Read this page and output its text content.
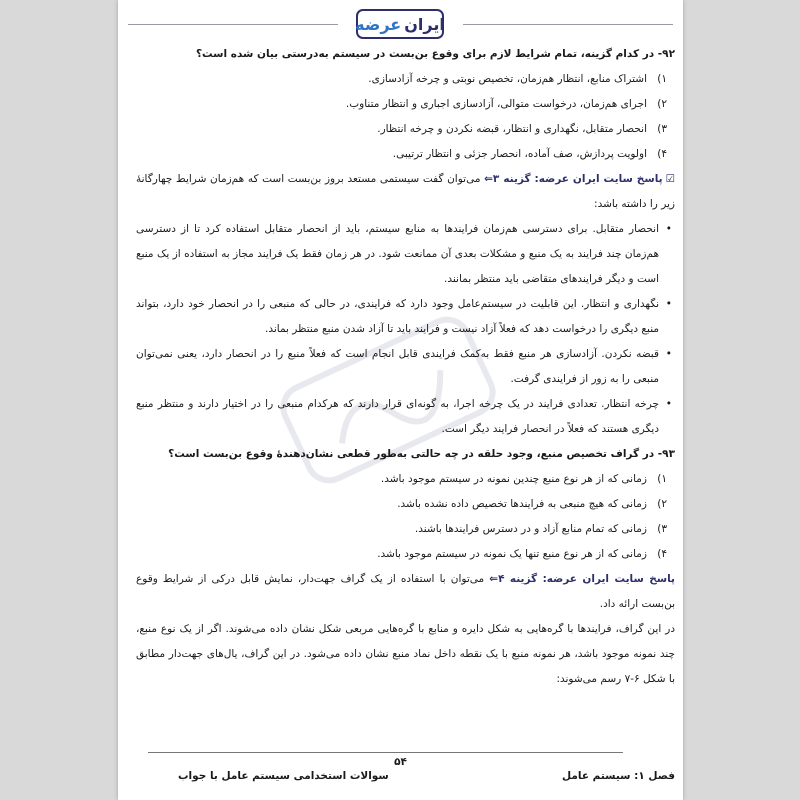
ایران
عرضه

۹۲- در کدام گزینه، تمام شرایط لازم برای وقوع بن‌بست در سیستم به‌درستی بیان شده است؟

۱)
اشتراک منابع، انتظار هم‌زمان، تخصیص نوبتی و چرخه آزادسازی.
۲)
اجرای هم‌زمان، درخواست متوالی، آزادسازی اجباری و انتظار متناوب.
۳)
انحصار متقابل، نگهداری و انتظار، قبضه نکردن و چرخه انتظار.
۴)
اولویت پردازش، صف آماده، انحصار جزئی و انتظار ترتیبی.

☑پاسخ سایت ایران عرضه: گزینه ۳⇐ می‌توان گفت سیستمی مستعد بروز بن‌بست است که هم‌زمان شرایط چهارگانهٔ زیر را داشته باشد:

• انحصار متقابل. برای دسترسی هم‌زمان فرایندها به منابع سیستم، باید از انحصار متقابل استفاده کرد تا از دسترسی هم‌زمان چند فرایند به یک منبع و مشکلات بعدی آن ممانعت شود. در هر زمان فقط یک فرایند مجاز به استفاده از یک منبع است و دیگر فرایندهای متقاضی باید منتظر بمانند.

• نگهداری و انتظار. این قابلیت در سیستم‌عامل وجود دارد که فرایندی، در حالی که منبعی را در انحصار خود دارد، بتواند منبع دیگری را درخواست دهد که فعلاً آزاد نیست و فرایند باید تا آزاد شدن منبع منتظر بماند.

• قبضه نکردن. آزادسازی هر منبع فقط به‌کمک فرایندی قابل انجام است که فعلاً منبع را در انحصار دارد، یعنی نمی‌توان منبعی را به زور از فرایندی گرفت.

• چرخه انتظار. تعدادی فرایند در یک چرخه اجرا، به گونه‌ای قرار دارند که هرکدام منبعی را در اختیار دارند و منتظر منبع دیگری هستند که فعلاً در انحصار فرایند دیگر است.

۹۳- در گراف تخصیص منبع، وجود حلقه در چه حالتی به‌طور قطعی نشان‌دهندهٔ وقوع بن‌بست است؟

۱)
زمانی که از هر نوع منبع چندین نمونه در سیستم موجود باشد.
۲)
زمانی که هیچ منبعی به فرایندها تخصیص داده نشده باشد.
۳)
زمانی که تمام منابع آزاد و در دسترس فرایندها باشند.
۴)
زمانی که از هر نوع منبع تنها یک نمونه در سیستم موجود باشد.

پاسخ سایت ایران عرضه: گزینه ۴⇐ می‌توان با استفاده از یک گراف جهت‌دار، نمایش قابل درکی از شرایط وقوع بن‌بست ارائه داد.

در این گراف، فرایندها با گره‌هایی به شکل دایره و منابع با گره‌هایی مربعی شکل نشان داده می‌شوند. اگر از یک نوع منبع، چند نمونه موجود باشد، هر نمونه منبع با یک نقطه داخل نماد منبع نشان داده می‌شود. در این گراف، یال‌های جهت‌دار مطابق با شکل ۶-۷ رسم می‌شوند:

۵۴
فصل ۱: سیستم عامل
سوالات استخدامی سیستم عامل با جواب
